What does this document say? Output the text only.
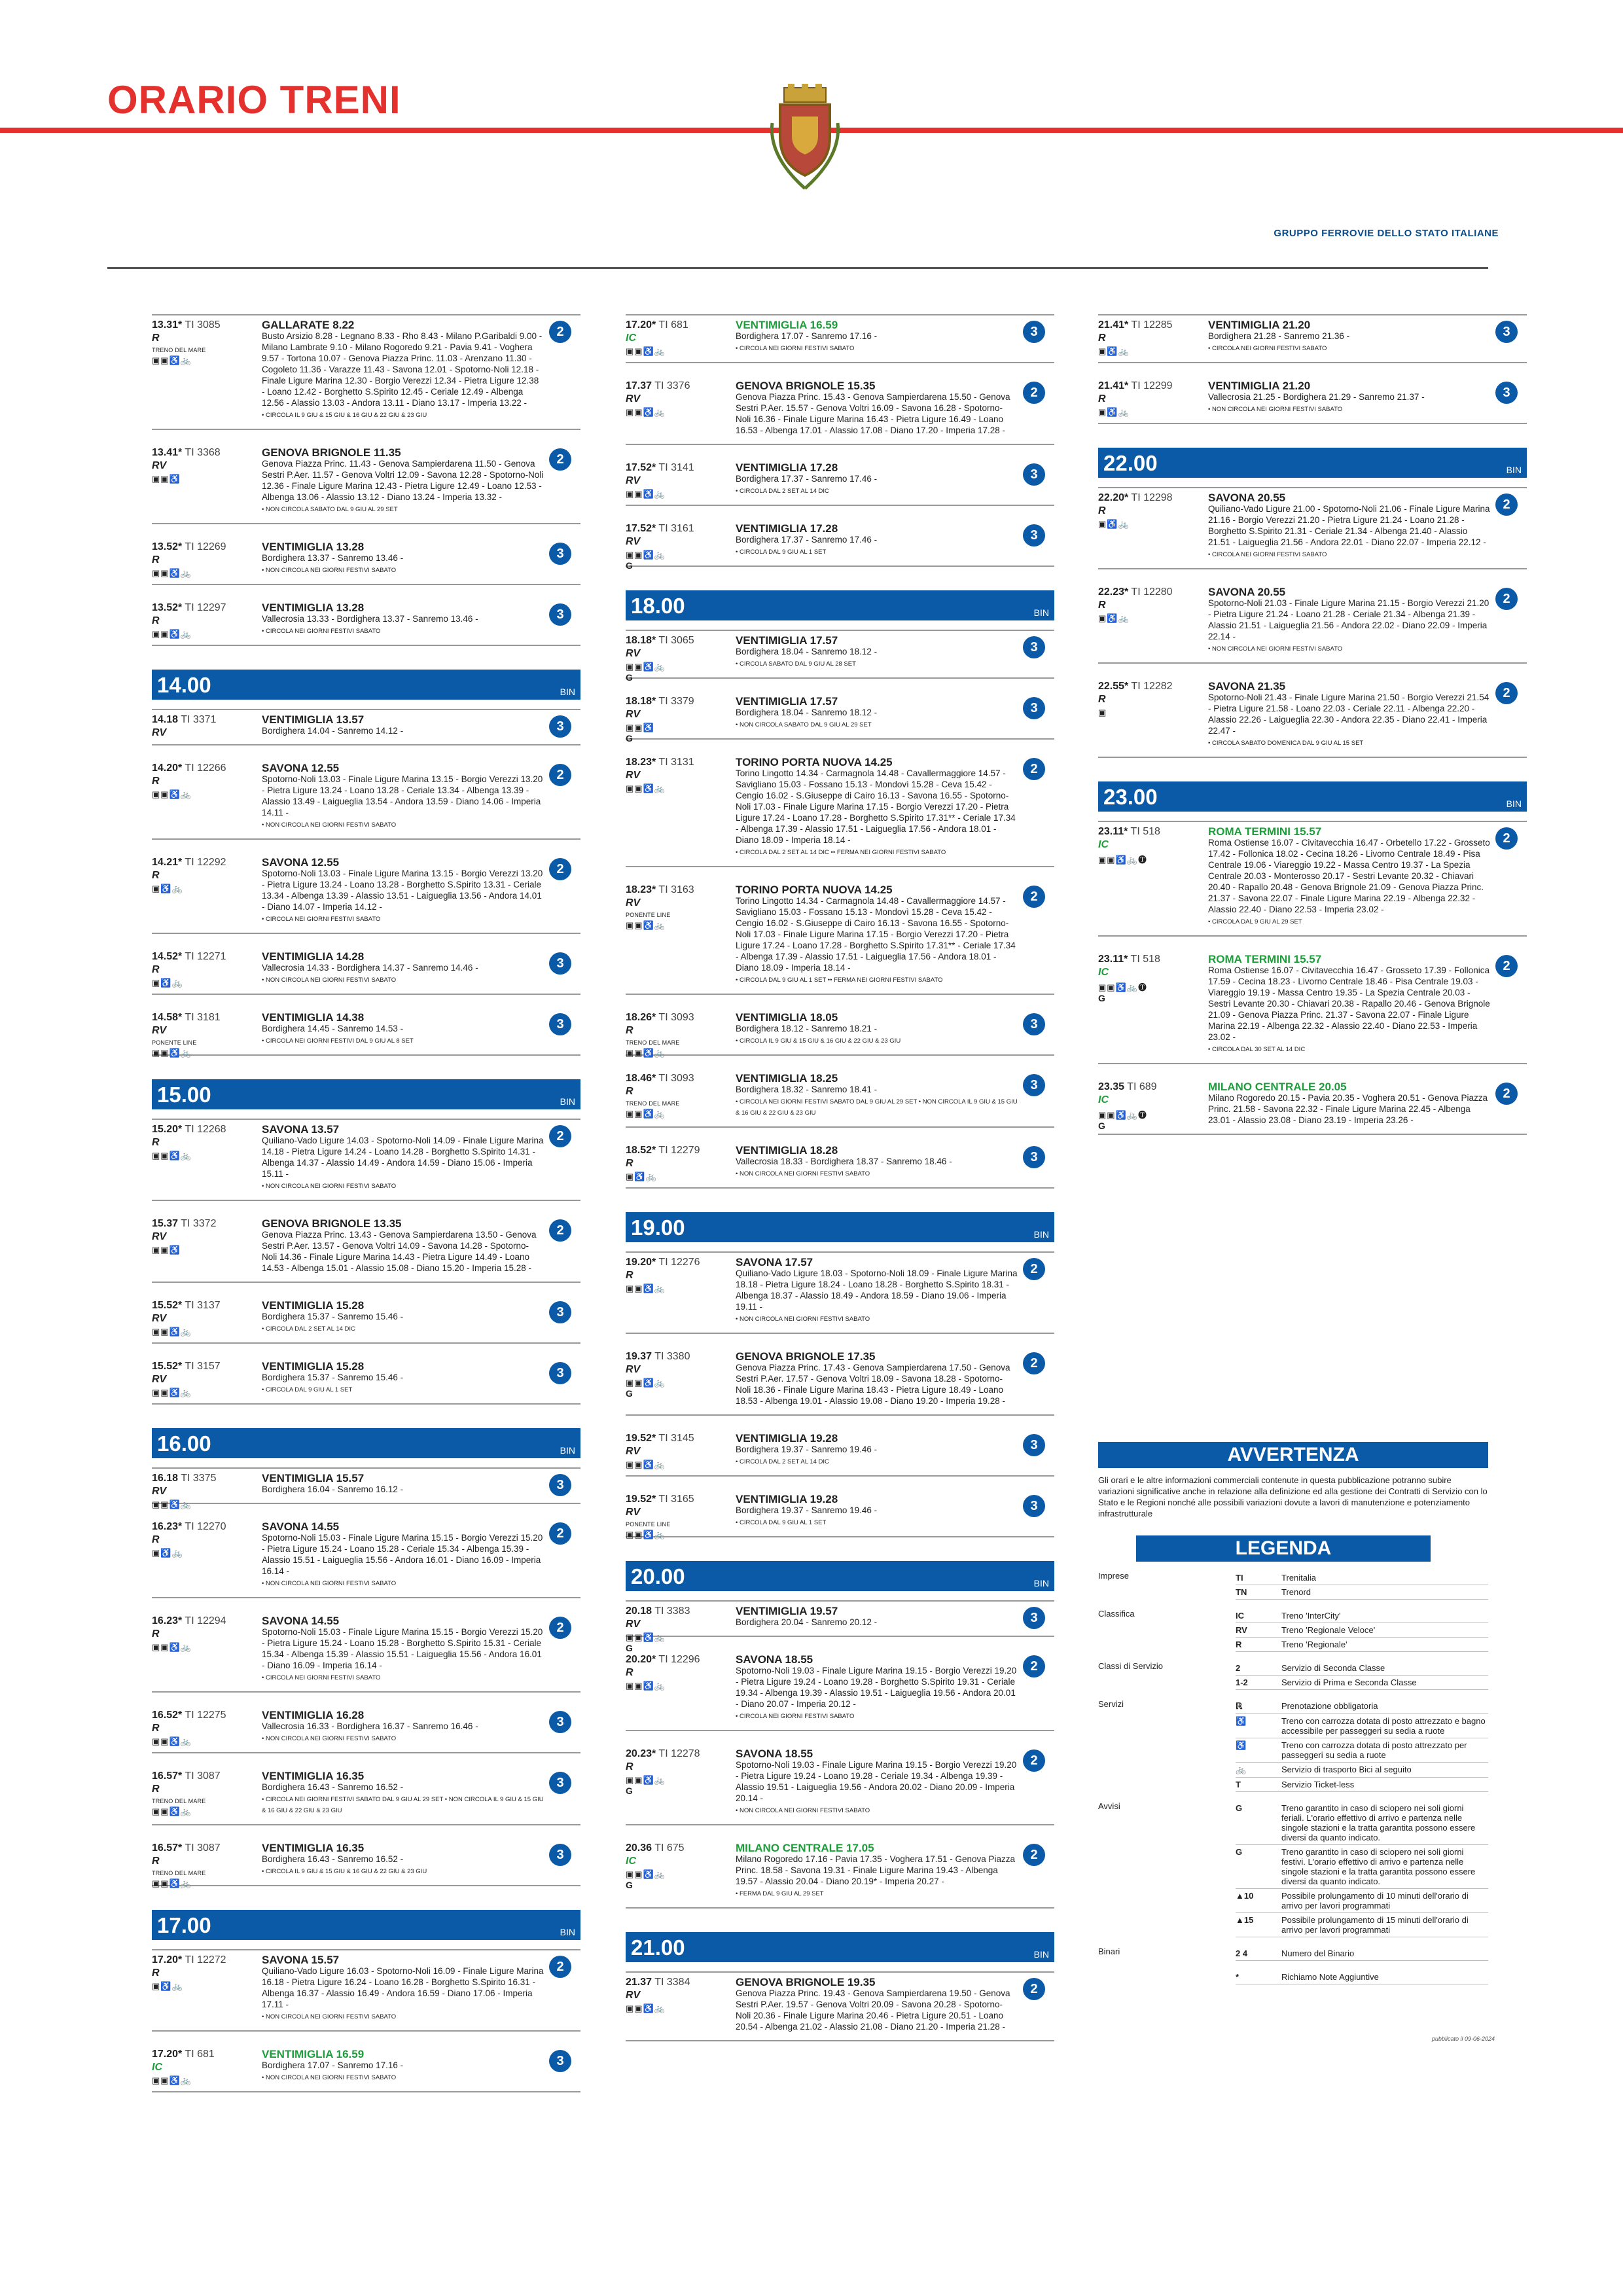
ORARIO TRENI
GRUPPO FERROVIE DELLO STATO ITALIANE
13.31* TI 3085
R
TRENO DEL MARE
▣▣♿🚲
GALLARATE 8.22
Busto Arsizio 8.28 - Legnano 8.33 - Rho 8.43 - Milano P.Garibaldi 9.00 - Milano Lambrate 9.10 - Milano Rogoredo 9.21 - Pavia 9.41 - Voghera 9.57 - Tortona 10.07 - Genova Piazza Princ. 11.03 - Arenzano 11.30 - Cogoleto 11.36 - Varazze 11.43 - Savona 12.01 - Spotorno-Noli 12.18 - Finale Ligure Marina 12.30 - Borgio Verezzi 12.34 - Pietra Ligure 12.38 - Loano 12.42 - Borghetto S.Spirito 12.45 - Ceriale 12.49 - Albenga 12.56 - Alassio 13.03 - Andora 13.11 - Diano 13.17 - Imperia 13.22 -
• CIRCOLA IL 9 GIU & 15 GIU & 16 GIU & 22 GIU & 23 GIU
2
13.41* TI 3368
RV
▣▣♿
GENOVA BRIGNOLE 11.35
Genova Piazza Princ. 11.43 - Genova Sampierdarena 11.50 - Genova Sestri P.Aer. 11.57 - Genova Voltri 12.09 - Savona 12.28 - Spotorno-Noli 12.36 - Finale Ligure Marina 12.43 - Pietra Ligure 12.49 - Loano 12.53 - Albenga 13.06 - Alassio 13.12 - Diano 13.24 - Imperia 13.32 -
• NON CIRCOLA SABATO DAL 9 GIU AL 29 SET
2
13.52* TI 12269
R
▣▣♿🚲
VENTIMIGLIA 13.28
Bordighera 13.37 - Sanremo 13.46 -
• NON CIRCOLA NEI GIORNI FESTIVI SABATO
3
13.52* TI 12297
R
▣▣♿🚲
VENTIMIGLIA 13.28
Vallecrosia 13.33 - Bordighera 13.37 - Sanremo 13.46 -
• CIRCOLA NEI GIORNI FESTIVI SABATO
3
14.00	BIN
14.18 TI 3371
RV
VENTIMIGLIA 13.57
Bordighera 14.04 - Sanremo 14.12 -	3
14.20* TI 12266
R
▣▣♿🚲
SAVONA 12.55
Spotorno-Noli 13.03 - Finale Ligure Marina 13.15 - Borgio Verezzi 13.20 - Pietra Ligure 13.24 - Loano 13.28 - Ceriale 13.34 - Albenga 13.39 - Alassio 13.49 - Laigueglia 13.54 - Andora 13.59 - Diano 14.06 - Imperia 14.11 -
• NON CIRCOLA NEI GIORNI FESTIVI SABATO
2
14.21* TI 12292
R
▣♿🚲
SAVONA 12.55
Spotorno-Noli 13.03 - Finale Ligure Marina 13.15 - Borgio Verezzi 13.20 - Pietra Ligure 13.24 - Loano 13.28 - Borghetto S.Spirito 13.31 - Ceriale 13.34 - Albenga 13.39 - Alassio 13.51 - Laigueglia 13.56 - Andora 14.01 - Diano 14.07 - Imperia 14.12 -
• CIRCOLA NEI GIORNI FESTIVI SABATO
2
14.52* TI 12271
R
▣♿🚲
VENTIMIGLIA 14.28
Vallecrosia 14.33 - Bordighera 14.37 - Sanremo 14.46 -
• NON CIRCOLA NEI GIORNI FESTIVI SABATO
3
14.58* TI 3181
RV
PONENTE LINE
▣▣♿🚲
VENTIMIGLIA 14.38
Bordighera 14.45 - Sanremo 14.53 -
• CIRCOLA NEI GIORNI FESTIVI DAL 9 GIU AL 8 SET
3
15.00	BIN
15.20* TI 12268
R
▣▣♿🚲
SAVONA 13.57
Quiliano-Vado Ligure 14.03 - Spotorno-Noli 14.09 - Finale Ligure Marina 14.18 - Pietra Ligure 14.24 - Loano 14.28 - Borghetto S.Spirito 14.31 - Albenga 14.37 - Alassio 14.49 - Andora 14.59 - Diano 15.06 - Imperia 15.11 -
• NON CIRCOLA NEI GIORNI FESTIVI SABATO
2
15.37 TI 3372
RV
▣▣♿
GENOVA BRIGNOLE 13.35
Genova Piazza Princ. 13.43 - Genova Sampierdarena 13.50 - Genova Sestri P.Aer. 13.57 - Genova Voltri 14.09 - Savona 14.28 - Spotorno-Noli 14.36 - Finale Ligure Marina 14.43 - Pietra Ligure 14.49 - Loano 14.53 - Albenga 15.01 - Alassio 15.08 - Diano 15.20 - Imperia 15.28 -
2
15.52* TI 3137
RV
▣▣♿🚲
VENTIMIGLIA 15.28
Bordighera 15.37 - Sanremo 15.46 -
• CIRCOLA DAL 2 SET AL 14 DIC
3
15.52* TI 3157
RV
▣▣♿🚲
VENTIMIGLIA 15.28
Bordighera 15.37 - Sanremo 15.46 -
• CIRCOLA DAL 9 GIU AL 1 SET
3
16.00	BIN
16.18 TI 3375
RV
▣▣♿🚲
VENTIMIGLIA 15.57
Bordighera 16.04 - Sanremo 16.12 -	3
16.23* TI 12270
R
▣♿🚲
SAVONA 14.55
Spotorno-Noli 15.03 - Finale Ligure Marina 15.15 - Borgio Verezzi 15.20 - Pietra Ligure 15.24 - Loano 15.28 - Ceriale 15.34 - Albenga 15.39 - Alassio 15.51 - Laigueglia 15.56 - Andora 16.01 - Diano 16.09 - Imperia 16.14 -
• NON CIRCOLA NEI GIORNI FESTIVI SABATO
2
16.23* TI 12294
R
▣▣♿🚲
SAVONA 14.55
Spotorno-Noli 15.03 - Finale Ligure Marina 15.15 - Borgio Verezzi 15.20 - Pietra Ligure 15.24 - Loano 15.28 - Borghetto S.Spirito 15.31 - Ceriale 15.34 - Albenga 15.39 - Alassio 15.51 - Laigueglia 15.56 - Andora 16.01 - Diano 16.09 - Imperia 16.14 -
• CIRCOLA NEI GIORNI FESTIVI SABATO
2
16.52* TI 12275
R
▣▣♿🚲
VENTIMIGLIA 16.28
Vallecrosia 16.33 - Bordighera 16.37 - Sanremo 16.46 -
• NON CIRCOLA NEI GIORNI FESTIVI SABATO
3
16.57* TI 3087
R
TRENO DEL MARE
▣▣♿🚲
VENTIMIGLIA 16.35
Bordighera 16.43 - Sanremo 16.52 -
• CIRCOLA NEI GIORNI FESTIVI SABATO DAL 9 GIU AL 29 SET • NON CIRCOLA IL 9 GIU & 15 GIU & 16 GIU & 22 GIU & 23 GIU
3
16.57* TI 3087
R
TRENO DEL MARE
▣▣♿🚲
VENTIMIGLIA 16.35
Bordighera 16.43 - Sanremo 16.52 -
• CIRCOLA IL 9 GIU & 15 GIU & 16 GIU & 22 GIU & 23 GIU
3
17.00	BIN
17.20* TI 12272
R
▣♿🚲
SAVONA 15.57
Quiliano-Vado Ligure 16.03 - Spotorno-Noli 16.09 - Finale Ligure Marina 16.18 - Pietra Ligure 16.24 - Loano 16.28 - Borghetto S.Spirito 16.31 - Albenga 16.37 - Alassio 16.49 - Andora 16.59 - Diano 17.06 - Imperia 17.11 -
• NON CIRCOLA NEI GIORNI FESTIVI SABATO
2
17.20* TI 681
IC
▣▣♿🚲
VENTIMIGLIA 16.59
Bordighera 17.07 - Sanremo 17.16 -
• NON CIRCOLA NEI GIORNI FESTIVI SABATO
3
17.20* TI 681
IC
▣▣♿🚲
VENTIMIGLIA 16.59
Bordighera 17.07 - Sanremo 17.16 -
• CIRCOLA NEI GIORNI FESTIVI SABATO
3
17.37 TI 3376
RV
▣▣♿🚲
GENOVA BRIGNOLE 15.35
Genova Piazza Princ. 15.43 - Genova Sampierdarena 15.50 - Genova Sestri P.Aer. 15.57 - Genova Voltri 16.09 - Savona 16.28 - Spotorno-Noli 16.36 - Finale Ligure Marina 16.43 - Pietra Ligure 16.49 - Loano 16.53 - Albenga 17.01 - Alassio 17.08 - Diano 17.20 - Imperia 17.28 -
2
17.52* TI 3141
RV
▣▣♿🚲
VENTIMIGLIA 17.28
Bordighera 17.37 - Sanremo 17.46 -
• CIRCOLA DAL 2 SET AL 14 DIC
3
17.52* TI 3161
RV
▣▣♿🚲
G
VENTIMIGLIA 17.28
Bordighera 17.37 - Sanremo 17.46 -
• CIRCOLA DAL 9 GIU AL 1 SET
3
18.00	BIN
18.18* TI 3065
RV
▣▣♿🚲
G
VENTIMIGLIA 17.57
Bordighera 18.04 - Sanremo 18.12 -
• CIRCOLA SABATO DAL 9 GIU AL 28 SET
3
18.18* TI 3379
RV
▣▣♿
G
VENTIMIGLIA 17.57
Bordighera 18.04 - Sanremo 18.12 -
• NON CIRCOLA SABATO DAL 9 GIU AL 29 SET
3
18.23* TI 3131
RV
▣▣♿🚲
TORINO PORTA NUOVA 14.25
Torino Lingotto 14.34 - Carmagnola 14.48 - Cavallermaggiore 14.57 - Savigliano 15.03 - Fossano 15.13 - Mondovì 15.28 - Ceva 15.42 - Cengio 16.02 - S.Giuseppe di Cairo 16.13 - Savona 16.55 - Spotorno-Noli 17.03 - Finale Ligure Marina 17.15 - Borgio Verezzi 17.20 - Pietra Ligure 17.24 - Loano 17.28 - Borghetto S.Spirito 17.31** - Ceriale 17.34 - Albenga 17.39 - Alassio 17.51 - Laigueglia 17.56 - Andora 18.01 - Diano 18.09 - Imperia 18.14 -
• CIRCOLA DAL 2 SET AL 14 DIC •• FERMA NEI GIORNI FESTIVI SABATO
2
18.23* TI 3163
RV
PONENTE LINE
▣▣♿🚲
TORINO PORTA NUOVA 14.25
Torino Lingotto 14.34 - Carmagnola 14.48 - Cavallermaggiore 14.57 - Savigliano 15.03 - Fossano 15.13 - Mondovì 15.28 - Ceva 15.42 - Cengio 16.02 - S.Giuseppe di Cairo 16.13 - Savona 16.55 - Spotorno-Noli 17.03 - Finale Ligure Marina 17.15 - Borgio Verezzi 17.20 - Pietra Ligure 17.24 - Loano 17.28 - Borghetto S.Spirito 17.31** - Ceriale 17.34 - Albenga 17.39 - Alassio 17.51 - Laigueglia 17.56 - Andora 18.01 - Diano 18.09 - Imperia 18.14 -
• CIRCOLA DAL 9 GIU AL 1 SET •• FERMA NEI GIORNI FESTIVI SABATO
2
18.26* TI 3093
R
TRENO DEL MARE
▣▣♿🚲
VENTIMIGLIA 18.05
Bordighera 18.12 - Sanremo 18.21 -
• CIRCOLA IL 9 GIU & 15 GIU & 16 GIU & 22 GIU & 23 GIU
3
18.46* TI 3093
R
TRENO DEL MARE
▣▣♿🚲
VENTIMIGLIA 18.25
Bordighera 18.32 - Sanremo 18.41 -
• CIRCOLA NEI GIORNI FESTIVI SABATO DAL 9 GIU AL 29 SET • NON CIRCOLA IL 9 GIU & 15 GIU & 16 GIU & 22 GIU & 23 GIU
3
18.52* TI 12279
R
▣♿🚲
VENTIMIGLIA 18.28
Vallecrosia 18.33 - Bordighera 18.37 - Sanremo 18.46 -
• NON CIRCOLA NEI GIORNI FESTIVI SABATO
3
19.00	BIN
19.20* TI 12276
R
▣▣♿🚲
SAVONA 17.57
Quiliano-Vado Ligure 18.03 - Spotorno-Noli 18.09 - Finale Ligure Marina 18.18 - Pietra Ligure 18.24 - Loano 18.28 - Borghetto S.Spirito 18.31 - Albenga 18.37 - Alassio 18.49 - Andora 18.59 - Diano 19.06 - Imperia 19.11 -
• NON CIRCOLA NEI GIORNI FESTIVI SABATO
2
19.37 TI 3380
RV
▣▣♿🚲
G
GENOVA BRIGNOLE 17.35
Genova Piazza Princ. 17.43 - Genova Sampierdarena 17.50 - Genova Sestri P.Aer. 17.57 - Genova Voltri 18.09 - Savona 18.28 - Spotorno-Noli 18.36 - Finale Ligure Marina 18.43 - Pietra Ligure 18.49 - Loano 18.53 - Albenga 19.01 - Alassio 19.08 - Diano 19.20 - Imperia 19.28 -
2
19.52* TI 3145
RV
▣▣♿🚲
VENTIMIGLIA 19.28
Bordighera 19.37 - Sanremo 19.46 -
• CIRCOLA DAL 2 SET AL 14 DIC
3
19.52* TI 3165
RV
PONENTE LINE
▣▣♿🚲
VENTIMIGLIA 19.28
Bordighera 19.37 - Sanremo 19.46 -
• CIRCOLA DAL 9 GIU AL 1 SET
3
20.00	BIN
20.18 TI 3383
RV
▣▣♿🚲
G
VENTIMIGLIA 19.57
Bordighera 20.04 - Sanremo 20.12 -	3
20.20* TI 12296
R
▣▣♿🚲
SAVONA 18.55
Spotorno-Noli 19.03 - Finale Ligure Marina 19.15 - Borgio Verezzi 19.20 - Pietra Ligure 19.24 - Loano 19.28 - Borghetto S.Spirito 19.31 - Ceriale 19.34 - Albenga 19.39 - Alassio 19.51 - Laigueglia 19.56 - Andora 20.01 - Diano 20.07 - Imperia 20.12 -
• CIRCOLA NEI GIORNI FESTIVI SABATO
2
20.23* TI 12278
R
▣▣♿🚲
G
SAVONA 18.55
Spotorno-Noli 19.03 - Finale Ligure Marina 19.15 - Borgio Verezzi 19.20 - Pietra Ligure 19.24 - Loano 19.28 - Ceriale 19.34 - Albenga 19.39 - Alassio 19.51 - Laigueglia 19.56 - Andora 20.02 - Diano 20.09 - Imperia 20.14 -
• NON CIRCOLA NEI GIORNI FESTIVI SABATO
2
20.36 TI 675
IC
▣▣♿🚲
G
MILANO CENTRALE 17.05
Milano Rogoredo 17.16 - Pavia 17.35 - Voghera 17.51 - Genova Piazza Princ. 18.58 - Savona 19.31 - Finale Ligure Marina 19.43 - Albenga 19.57 - Alassio 20.04 - Diano 20.19* - Imperia 20.27 -
• FERMA DAL 9 GIU AL 29 SET
2
21.00	BIN
21.37 TI 3384
RV
▣▣♿🚲
GENOVA BRIGNOLE 19.35
Genova Piazza Princ. 19.43 - Genova Sampierdarena 19.50 - Genova Sestri P.Aer. 19.57 - Genova Voltri 20.09 - Savona 20.28 - Spotorno-Noli 20.36 - Finale Ligure Marina 20.46 - Pietra Ligure 20.51 - Loano 20.54 - Albenga 21.02 - Alassio 21.08 - Diano 21.20 - Imperia 21.28 -
2
21.41* TI 12285
R
▣♿🚲
VENTIMIGLIA 21.20
Bordighera 21.28 - Sanremo 21.36 -
• CIRCOLA NEI GIORNI FESTIVI SABATO
3
21.41* TI 12299
R
▣♿🚲
VENTIMIGLIA 21.20
Vallecrosia 21.25 - Bordighera 21.29 - Sanremo 21.37 -
• NON CIRCOLA NEI GIORNI FESTIVI SABATO
3
22.00	BIN
22.20* TI 12298
R
▣♿🚲
SAVONA 20.55
Quiliano-Vado Ligure 21.00 - Spotorno-Noli 21.06 - Finale Ligure Marina 21.16 - Borgio Verezzi 21.20 - Pietra Ligure 21.24 - Loano 21.28 - Borghetto S.Spirito 21.31 - Ceriale 21.34 - Albenga 21.40 - Alassio 21.51 - Laigueglia 21.56 - Andora 22.01 - Diano 22.07 - Imperia 22.12 -
• CIRCOLA NEI GIORNI FESTIVI SABATO
2
22.23* TI 12280
R
▣♿🚲
SAVONA 20.55
Spotorno-Noli 21.03 - Finale Ligure Marina 21.15 - Borgio Verezzi 21.20 - Pietra Ligure 21.24 - Loano 21.28 - Ceriale 21.34 - Albenga 21.39 - Alassio 21.51 - Laigueglia 21.56 - Andora 22.02 - Diano 22.09 - Imperia 22.14 -
• NON CIRCOLA NEI GIORNI FESTIVI SABATO
2
22.55* TI 12282
R
▣
SAVONA 21.35
Spotorno-Noli 21.43 - Finale Ligure Marina 21.50 - Borgio Verezzi 21.54 - Pietra Ligure 21.58 - Loano 22.03 - Ceriale 22.11 - Albenga 22.20 - Alassio 22.26 - Laigueglia 22.30 - Andora 22.35 - Diano 22.41 - Imperia 22.47 -
• CIRCOLA SABATO DOMENICA DAL 9 GIU AL 15 SET
2
23.00	BIN
23.11* TI 518
IC
▣▣♿🚲🅣
ROMA TERMINI 15.57
Roma Ostiense 16.07 - Civitavecchia 16.47 - Orbetello 17.22 - Grosseto 17.42 - Follonica 18.02 - Cecina 18.26 - Livorno Centrale 18.49 - Pisa Centrale 19.06 - Viareggio 19.22 - Massa Centro 19.37 - La Spezia Centrale 20.03 - Monterosso 20.17 - Sestri Levante 20.32 - Chiavari 20.40 - Rapallo 20.48 - Genova Brignole 21.09 - Genova Piazza Princ. 21.37 - Savona 22.07 - Finale Ligure Marina 22.19 - Albenga 22.32 - Alassio 22.40 - Diano 22.53 - Imperia 23.02 -
• CIRCOLA DAL 9 GIU AL 29 SET
2
23.11* TI 518
IC
▣▣♿🚲🅣
G
ROMA TERMINI 15.57
Roma Ostiense 16.07 - Civitavecchia 16.47 - Grosseto 17.39 - Follonica 17.59 - Cecina 18.23 - Livorno Centrale 18.46 - Pisa Centrale 19.03 - Viareggio 19.19 - Massa Centro 19.35 - La Spezia Centrale 20.03 - Sestri Levante 20.30 - Chiavari 20.38 - Rapallo 20.46 - Genova Brignole 21.09 - Genova Piazza Princ. 21.37 - Savona 22.07 - Finale Ligure Marina 22.19 - Albenga 22.32 - Alassio 22.40 - Diano 22.53 - Imperia 23.02 -
• CIRCOLA DAL 30 SET AL 14 DIC
2
23.35 TI 689
IC
▣▣♿🚲🅣
G
MILANO CENTRALE 20.05
Milano Rogoredo 20.15 - Pavia 20.35 - Voghera 20.51 - Genova Piazza Princ. 21.58 - Savona 22.32 - Finale Ligure Marina 22.45 - Albenga 23.01 - Alassio 23.08 - Diano 23.19 - Imperia 23.26 -
2
AVVERTENZA
Gli orari e le altre informazioni commerciali contenute in questa pubblicazione potranno subire variazioni significative anche in relazione alla definizione ed alla gestione dei Contratti di Servizio con lo Stato e le Regioni nonché alle possibili variazioni dovute a lavori di manutenzione e potenziamento infrastrutturale
LEGENDA
Imprese	TI	Trenitalia
TN	Trenord
Classifica	IC	Treno 'InterCity'
RV	Treno 'Regionale Veloce'
R	Treno 'Regionale'
Classi di Servizio	2	Servizio di Seconda Classe
1-2	Servizio di Prima e Seconda Classe
Servizi	ℝ	Prenotazione obbligatoria
♿	Treno con carrozza dotata di posto attrezzato e bagno accessibile per passeggeri su sedia a ruote
♿	Treno con carrozza dotata di posto attrezzato per passeggeri su sedia a ruote
🚲	Servizio di trasporto Bici al seguito
T	Servizio Ticket-less
Avvisi	G	Treno garantito in caso di sciopero nei soli giorni feriali. L'orario effettivo di arrivo e partenza nelle singole stazioni e la tratta garantita possono essere diversi da quanto indicato.
G	Treno garantito in caso di sciopero nei soli giorni festivi. L'orario effettivo di arrivo e partenza nelle singole stazioni e la tratta garantita possono essere diversi da quanto indicato.
▲10	Possibile prolungamento di 10 minuti dell'orario di arrivo per lavori programmati
▲15	Possibile prolungamento di 15 minuti dell'orario di arrivo per lavori programmati
Binari	2 4	Numero del Binario
*	Richiamo Note Aggiuntive
pubblicato il 09-06-2024
